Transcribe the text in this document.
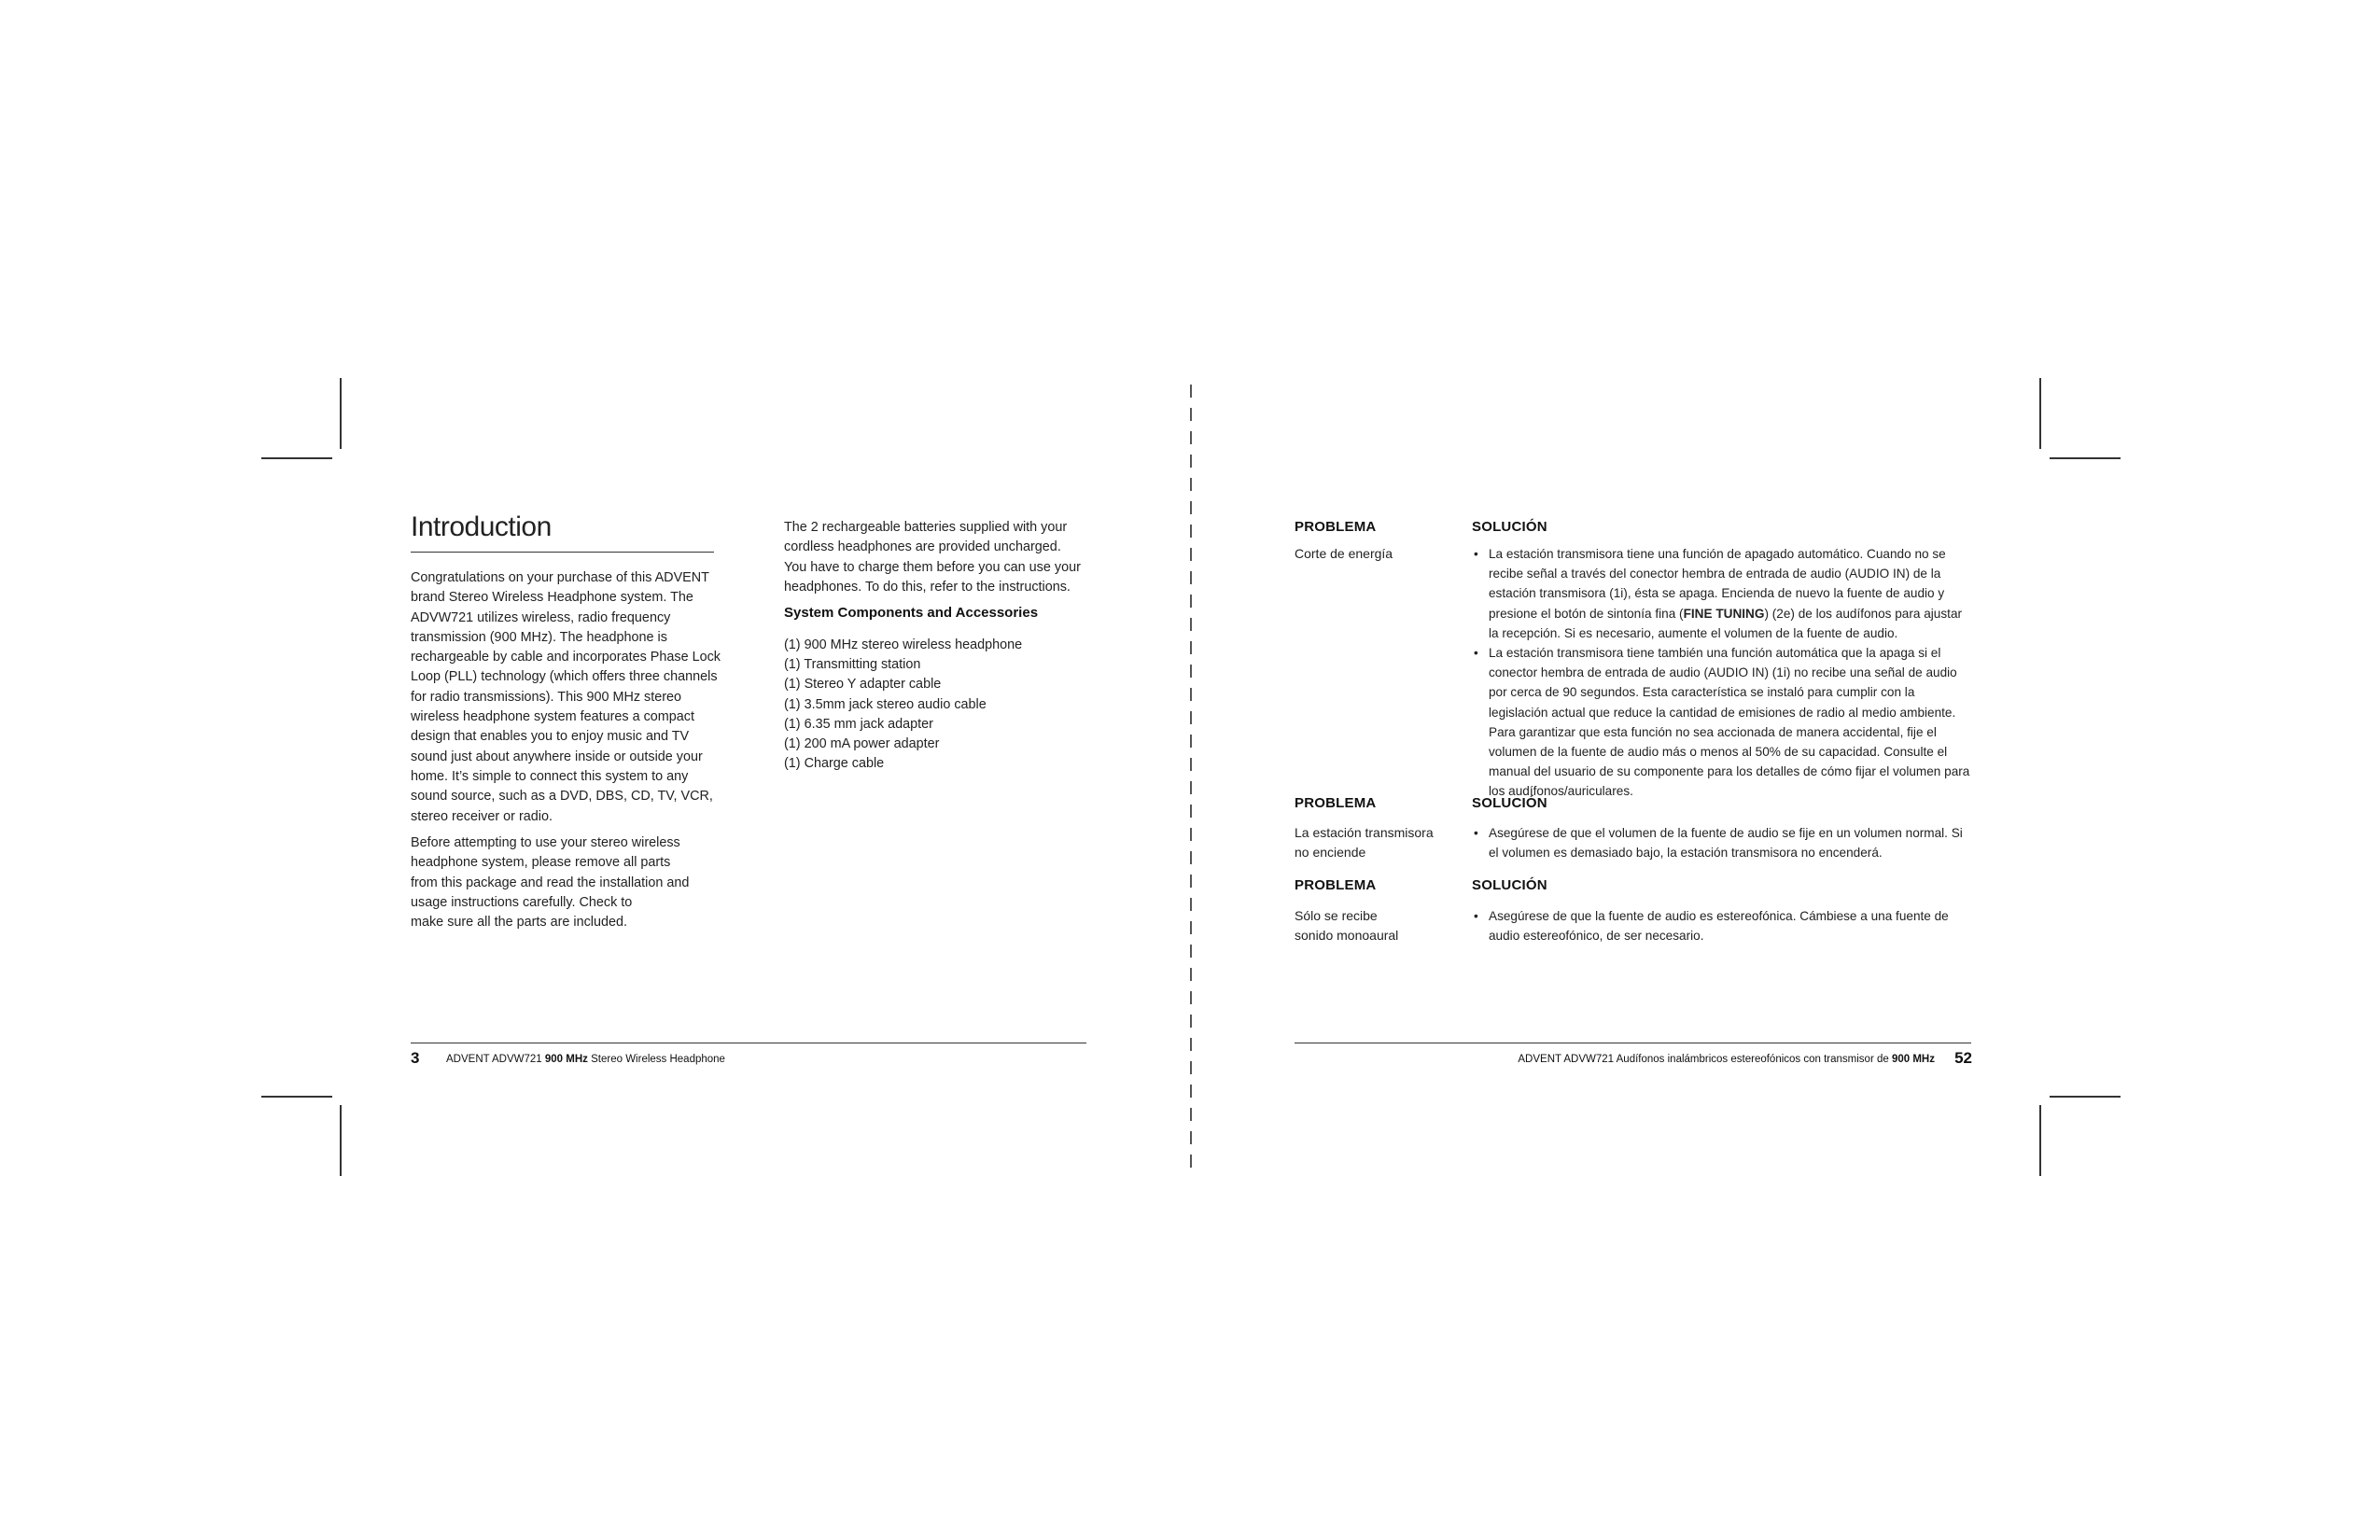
Introduction
Congratulations on your purchase of this ADVENT
brand Stereo Wireless Headphone system. The
ADVW721 utilizes wireless, radio frequency
transmission (900 MHz). The headphone is
rechargeable by cable and incorporates Phase Lock
Loop (PLL) technology (which offers three channels
for radio transmissions). This 900 MHz stereo
wireless headphone system features a compact
design that enables you to enjoy music and TV
sound just about anywhere inside or outside your
home. It’s simple to connect this system to any
sound source, such as a DVD, DBS, CD, TV, VCR,
stereo receiver or radio.
Before attempting to use your stereo wireless
headphone system, please remove all parts
from this package and read the installation and
usage instructions carefully. Check to
make sure all the parts are included.
The 2 rechargeable batteries supplied with your
cordless headphones are provided uncharged.
You have to charge them before you can use your
headphones. To do this, refer to the instructions.
System Components and Accessories
(1) 900 MHz stereo wireless headphone
(1) Transmitting station
(1) Stereo Y adapter cable
(1) 3.5mm jack stereo audio cable
(1) 6.35 mm jack adapter
(1) 200 mA power adapter
(1) Charge cable
3 ADVENT ADVW721 900 MHz Stereo Wireless Headphone
PROBLEMA	SOLUCIÓN
Corte de energía
•	La estación transmisora tiene una función de apagado automático. Cuando no se recibe señal a través del conector hembra de entrada de audio (AUDIO IN) de la estación transmisora (1i), ésta se apaga. Encienda de nuevo la fuente de audio y presione el botón de sintonía fina (FINE TUNING) (2e) de los audífonos para ajustar la recepción. Si es necesario, aumente el volumen de la fuente de audio.
• La estación transmisora tiene también una función automática que la apaga si el conector hembra de entrada de audio (AUDIO IN) (1i) no recibe una señal de audio por cerca de 90 segundos. Esta característica se instaló para cumplir con la legislación actual que reduce la cantidad de emisiones de radio al medio ambiente. Para garantizar que esta función no sea accionada de manera accidental, fije el volumen de la fuente de audio más o menos al 50% de su capacidad. Consulte el manual del usuario de su componente para los detalles de cómo fijar el volumen para los audífonos/auriculares.
PROBLEMA	SOLUCIÓN
La estación transmisora
no enciende
• Asegúrese de que el volumen de la fuente de audio se fije en un volumen normal. Si el volumen es demasiado bajo, la estación transmisora no encenderá.
PROBLEMA	SOLUCIÓN
Sólo se recibe
sonido monoaural
• Asegúrese de que la fuente de audio es estereofónica. Cámbiese a una fuente de audio estereofónico, de ser necesario.
ADVENT ADVW721 Audífonos inalámbricos estereofónicos con transmisor de 900 MHz 52
